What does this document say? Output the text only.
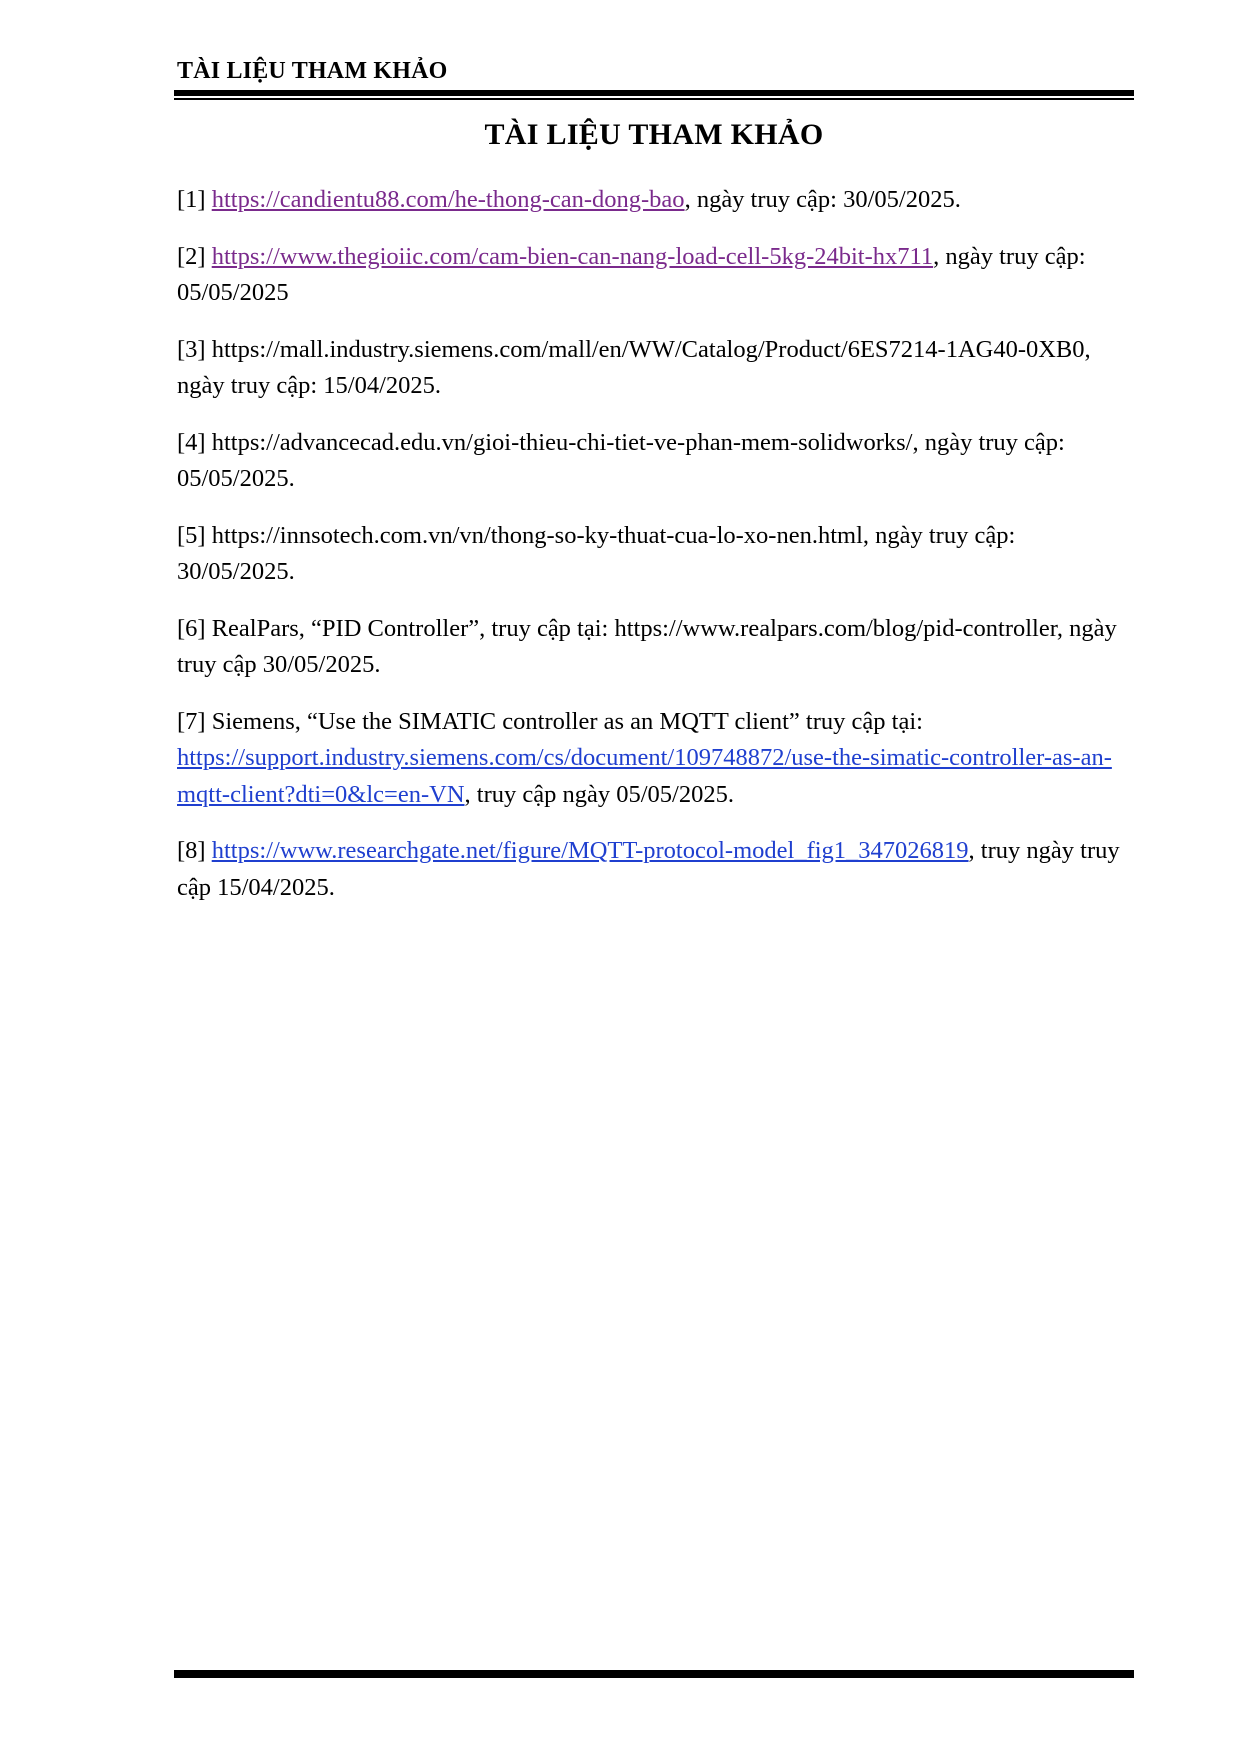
TÀI LIỆU THAM KHẢO
TÀI LIỆU THAM KHẢO
[1] https://candientu88.com/he-thong-can-dong-bao, ngày truy cập: 30/05/2025.
[2] https://www.thegioiic.com/cam-bien-can-nang-load-cell-5kg-24bit-hx711, ngày truy cập: 05/05/2025
[3] https://mall.industry.siemens.com/mall/en/WW/Catalog/Product/6ES7214-1AG40-0XB0, ngày truy cập: 15/04/2025.
[4] https://advancecad.edu.vn/gioi-thieu-chi-tiet-ve-phan-mem-solidworks/, ngày truy cập: 05/05/2025.
[5] https://innsotech.com.vn/vn/thong-so-ky-thuat-cua-lo-xo-nen.html, ngày truy cập: 30/05/2025.
[6] RealPars, “PID Controller”, truy cập tại: https://www.realpars.com/blog/pid-controller, ngày truy cập 30/05/2025.
[7] Siemens, “Use the SIMATIC controller as an MQTT client” truy cập tại: https://support.industry.siemens.com/cs/document/109748872/use-the-simatic-controller-as-an-mqtt-client?dti=0&lc=en-VN, truy cập ngày 05/05/2025.
[8] https://www.researchgate.net/figure/MQTT-protocol-model_fig1_347026819, truy ngày truy cập 15/04/2025.
